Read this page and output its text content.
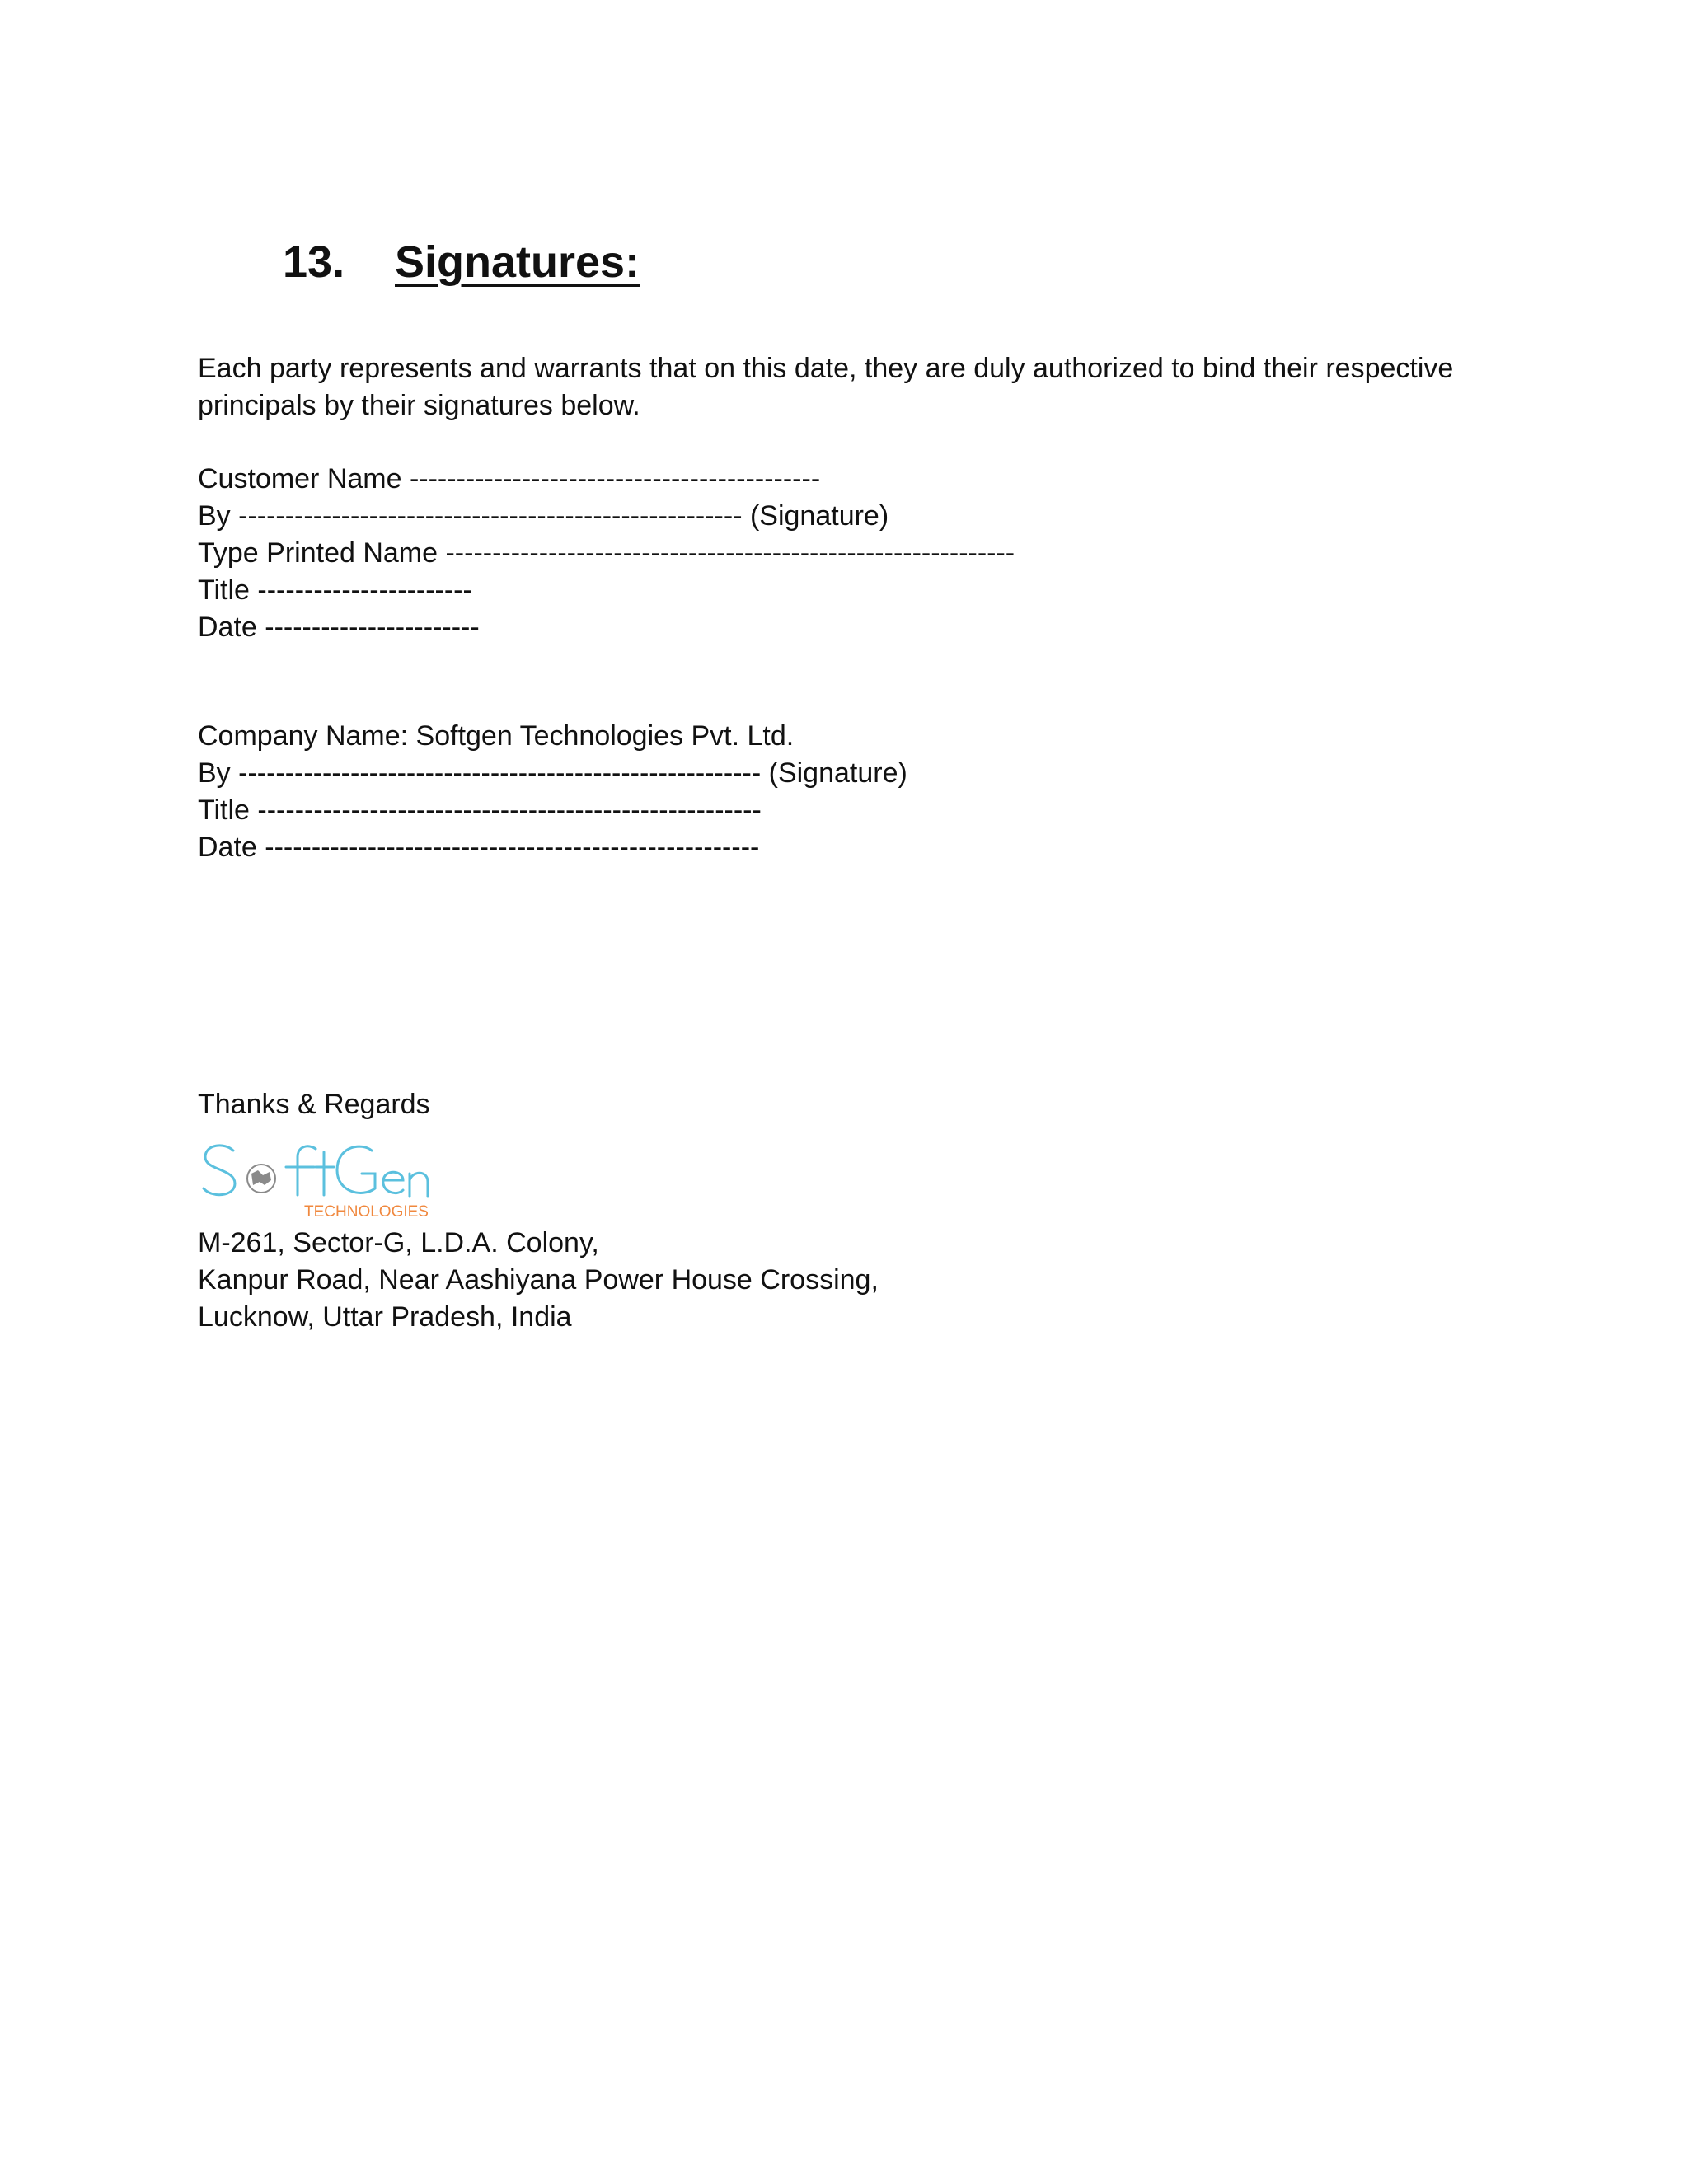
13. Signatures:
Each party represents and warrants that on this date, they are duly authorized to bind their respective
principals by their signatures below.
Customer Name --------------------------------------------
By ------------------------------------------------------ (Signature)
Type Printed Name -------------------------------------------------------------
Title -----------------------
Date -----------------------
Company Name: Softgen Technologies Pvt. Ltd.
By -------------------------------------------------------- (Signature)
Title ------------------------------------------------------
Date -----------------------------------------------------
Thanks & Regards
TECHNOLOGIES
M-261, Sector-G, L.D.A. Colony,
Kanpur Road, Near Aashiyana Power House Crossing,
Lucknow, Uttar Pradesh, India
